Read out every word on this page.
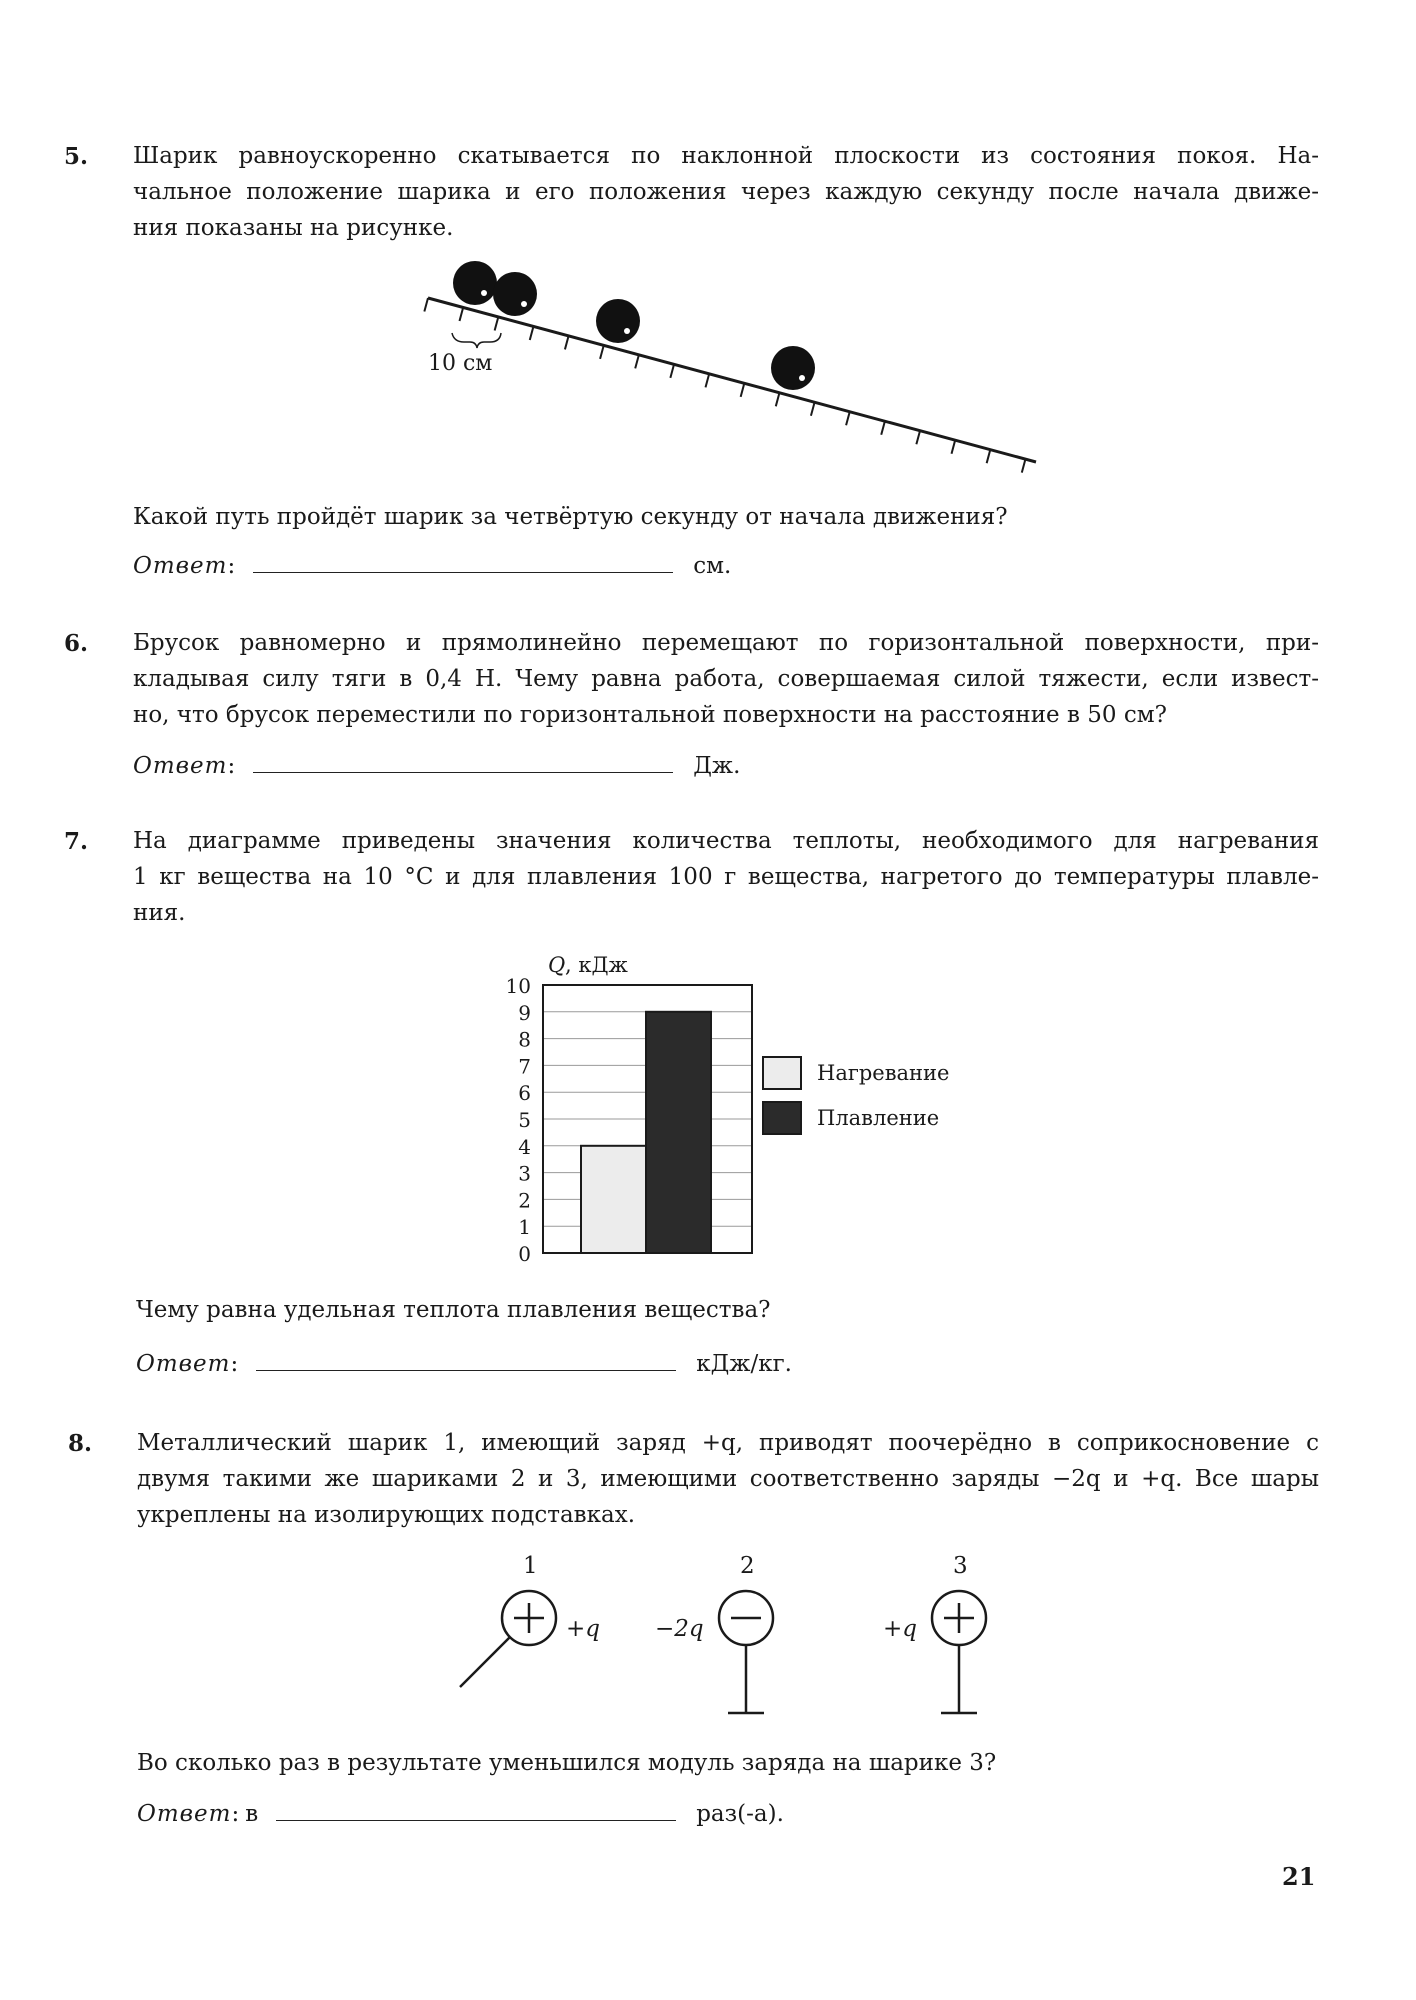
5. Шарик равноускоренно скатывается по наклонной плоскости из состояния покоя. На-
чальное положение шарика и его положения через каждую секунду после начала движе-
ния показаны на рисунке.
10 см
Какой путь пройдёт шарик за четвёртую секунду от начала движения?
Ответ :	см.
6. Брусок равномерно и прямолинейно перемещают по горизонтальной поверхности, при-
кладывая силу тяги в 0,4 Н. Чему равна работа, совершаемая силой тяжести, если извест-
но, что брусок переместили по горизонтальной поверхности на расстояние в 50 см?
Ответ :	Дж.
7. На диаграмме приведены значения количества теплоты, необходимого для нагревания
1 кг вещества на 10 °С и для плавления 100 г вещества, нагретого до температуры плавле-
ния.
Q , кДж
0
1
2
3
4
5
6
7
8
9
10
Нагревание
Плавление
Чему равна удельная теплота плавления вещества?
Ответ :	кДж/кг.
8. Металлический шарик 1, имеющий заряд +q, приводят поочерёдно в соприкосновение с
двумя такими же шариками 2 и 3, имеющими соответственно заряды −2q и +q. Все шары
укреплены на изолирующих подставках.
1
+q
2
−2q
3
+q
Во сколько раз в результате уменьшился модуль заряда на шарике 3?
Ответ : в	раз(-а).
21
